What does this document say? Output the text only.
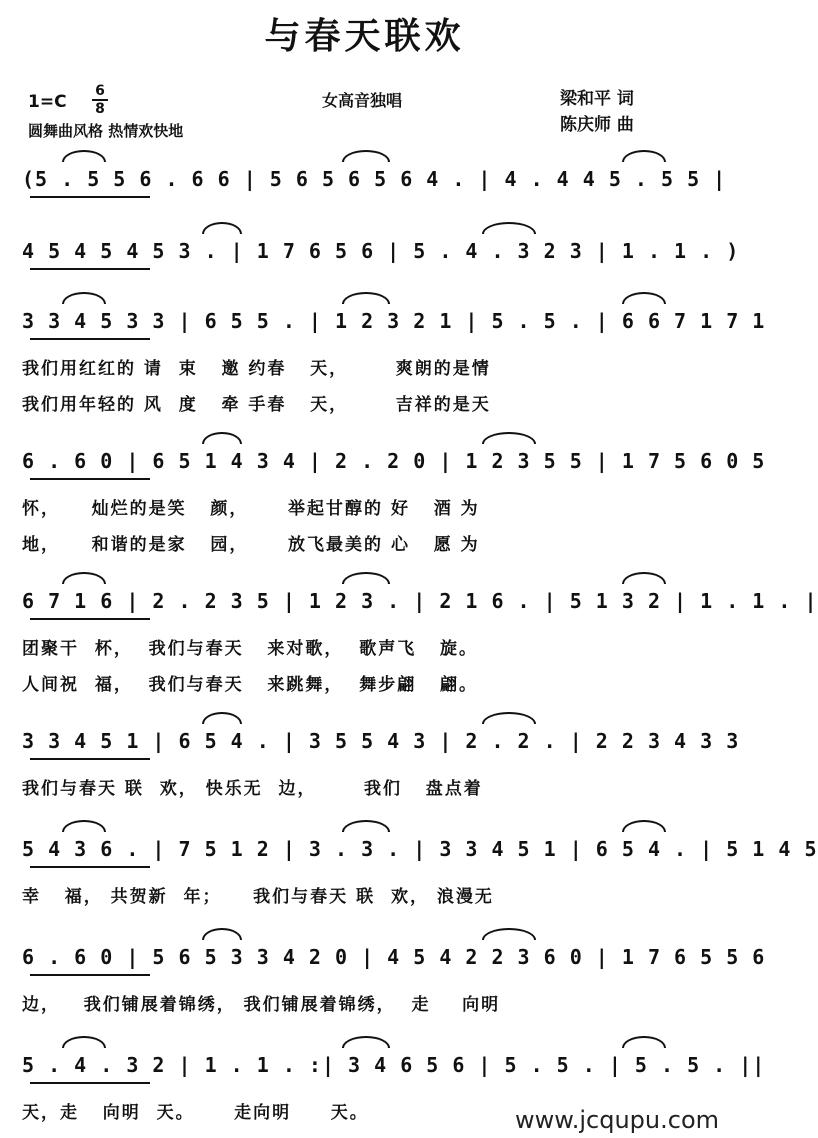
与春天联欢
1=C
6
8	女高音独唱
圆舞曲风格 热情欢快地
梁和平 词
陈庆师 曲
(5 . 5 5 6 . 6 6 | 5 6 5 6 5 6 4 . | 4 . 4 4 5 . 5 5 |
4 5 4 5 4 5 3 . | 1 7 6 5 6 | 5 . 4 . 3 2 3 | 1 . 1 . )
3 3 4 5 3 3 | 6 5 5 . | 1 2 3 2 1 | 5 . 5 . | 6 6 7 1 7 1
我们用红红的 请  束   邀 约春   天，      爽朗的是情
我们用年轻的 风  度   牵 手春   天，      吉祥的是天
6 . 6 0 | 6 5 1 4 3 4 | 2 . 2 0 | 1 2 3 5 5 | 1 7 5 6 0 5
怀，    灿烂的是笑   颜，     举起甘醇的 好   酒 为
地，    和谐的是家   园，     放飞最美的 心   愿 为
6 7 1 6 | 2 . 2 3 5 | 1 2 3 . | 2 1 6 . | 5 1 3 2 | 1 . 1 . |
团聚干  杯，  我们与春天   来对歌，  歌声飞   旋。
人间祝  福，  我们与春天   来跳舞，  舞步翩   翩。
3 3 4 5 1 | 6 5 4 . | 3 5 5 4 3 | 2 . 2 . | 2 2 3 4 3 3
我们与春天 联  欢， 快乐无  边，      我们   盘点着
5 4 3 6 . | 7 5 1 2 | 3 . 3 . | 3 3 4 5 1 | 6 5 4 . | 5 1 4 5
幸   福， 共贺新  年；    我们与春天 联  欢， 浪漫无
6 . 6 0 | 5 6 5 3 3 4 2 0 | 4 5 4 2 2 3 6 0 | 1 7 6 5 5 6
边，   我们铺展着锦绣， 我们铺展着锦绣，  走    向明
5 . 4 . 3 2 | 1 . 1 . :| 3 4 6 5 6 | 5 . 5 . | 5 . 5 . ||
天，走   向明  天。     走向明     天。	www.jcqupu.com
